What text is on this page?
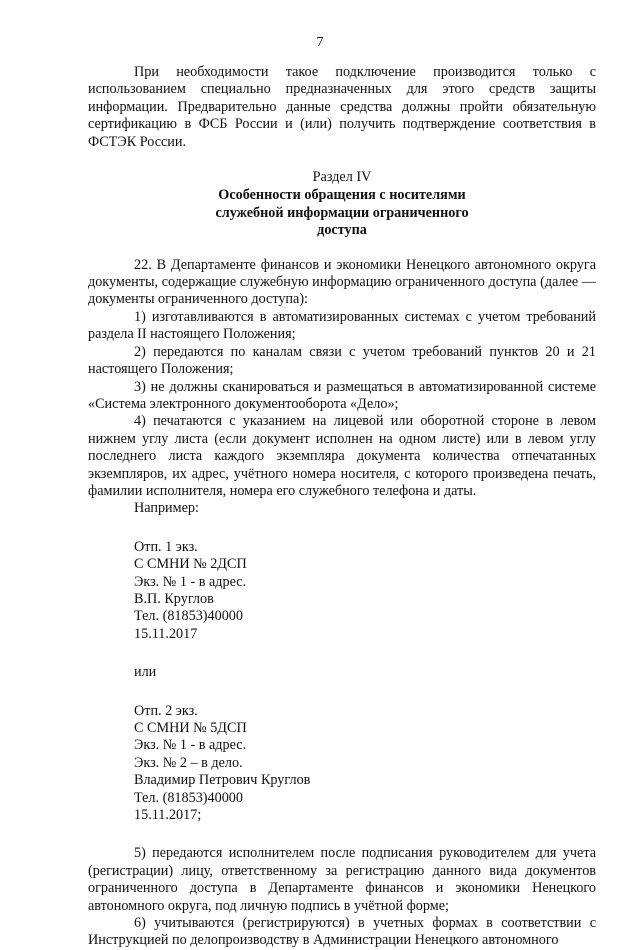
7

При необходимости такое подключение производится только с использованием специально предназначенных для этого средств защиты информации. Предварительно данные средства должны пройти обязательную сертификацию в ФСБ России и (или) получить подтверждение соответствия в ФСТЭК России.

Раздел IV
Особенности обращения с носителями служебной информации ограниченного доступа

22. В Департаменте финансов и экономики Ненецкого автономного округа документы, содержащие служебную информацию ограниченного доступа (далее — документы ограниченного доступа):

1) изготавливаются в автоматизированных системах с учетом требований раздела II настоящего Положения;

2) передаются по каналам связи с учетом требований пунктов 20 и 21 настоящего Положения;

3) не должны сканироваться и размещаться в автоматизированной системе «Система электронного документооборота «Дело»;

4) печатаются с указанием на лицевой или оборотной стороне в левом нижнем углу листа (если документ исполнен на одном листе) или в левом углу последнего листа каждого экземпляра документа количества отпечатанных экземпляров, их адрес, учётного номера носителя, с которого произведена печать, фамилии исполнителя, номера его служебного телефона и даты.

Например:

Отп. 1 экз.
С СМНИ № 2ДСП
Экз. № 1 - в адрес.
В.П. Круглов
Тел. (81853)40000
15.11.2017
или
Отп. 2 экз.
С СМНИ № 5ДСП
Экз. № 1 - в адрес.
Экз. № 2 – в дело.
Владимир Петрович Круглов
Тел. (81853)40000
15.11.2017;

5) передаются исполнителем после подписания руководителем для учета (регистрации) лицу, ответственному за регистрацию данного вида документов ограниченного доступа в Департаменте финансов и экономики Ненецкого автономного округа, под личную подпись в учётной форме;

6) учитываются (регистрируются) в учетных формах в соответствии с Инструкцией по делопроизводству в Администрации Ненецкого автономного
